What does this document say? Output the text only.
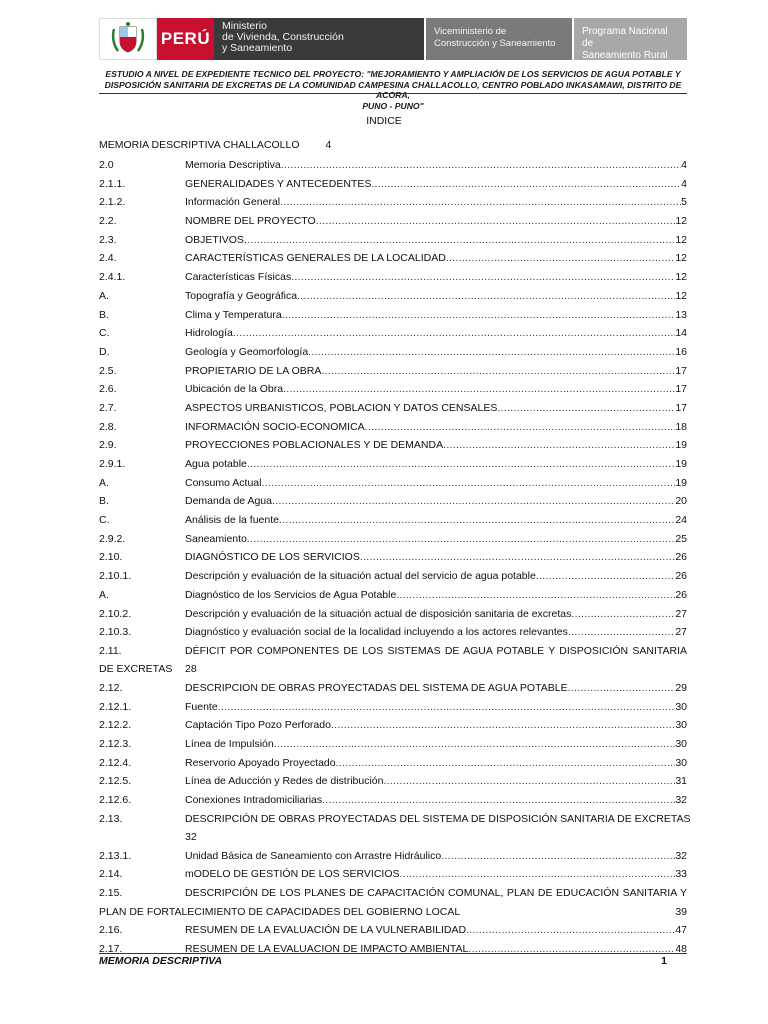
PERÚ
Ministerio
de Vivienda, Construcción
y Saneamiento
Viceministerio de
Construcción y Saneamiento
Programa Nacional de
Saneamiento Rural
ESTUDIO A NIVEL DE EXPEDIENTE TECNICO DEL PROYECTO: "MEJORAMIENTO Y AMPLIACIÓN DE LOS SERVICIOS DE AGUA POTABLE Y
DISPOSICIÓN SANITARIA DE EXCRETAS DE LA COMUNIDAD CAMPESINA CHALLACOLLO, CENTRO POBLADO INKASAMAWI, DISTRITO DE ACORA,
PUNO - PUNO"
INDICE
MEMORIA DESCRIPTIVA CHALLACOLLO 4
2.0	Memoria Descriptiva .....	4
2.1.1.	GENERALIDADES Y ANTECEDENTES .....	4
2.1.2.	Información General .....	5
2.2.	NOMBRE DEL PROYECTO .....	12
2.3.	OBJETIVOS .....	12
2.4.	CARACTERÍSTICAS GENERALES DE LA LOCALIDAD .....	12
2.4.1.	Características Físicas .....	12
A.	Topografía y Geográfica .....	12
B.	Clima y Temperatura .....	13
C.	Hidrología .....	14
D.	Geología y Geomorfología .....	16
2.5.	PROPIETARIO DE LA OBRA .....	17
2.6.	Ubicación de la Obra .....	17
2.7.	ASPECTOS URBANISTICOS, POBLACION Y DATOS CENSALES .....	17
2.8.	INFORMACIÓN SOCIO-ECONOMICA .....	18
2.9.	PROYECCIONES POBLACIONALES Y DE DEMANDA .....	19
2.9.1.	Agua potable .....	19
A.	Consumo Actual .....	19
B.	Demanda de Agua .....	20
C.	Análisis de la fuente .....	24
2.9.2.	Saneamiento .....	25
2.10.	DIAGNÓSTICO DE LOS SERVICIOS .....	26
2.10.1.	Descripción y evaluación de la situación actual del servicio de agua potable .....	26
A.	Diagnóstico de los Servicios de Agua Potable .....	26
2.10.2.	Descripción y evaluación de la situación actual de disposición sanitaria de excretas .....	27
2.10.3.	Diagnóstico y evaluación social de la localidad incluyendo a los actores relevantes .....	27
2.11.	DÉFICIT POR COMPONENTES DE LOS SISTEMAS DE AGUA POTABLE Y DISPOSICIÓN SANITARIA
DE EXCRETAS 28
2.12.	DESCRIPCION DE OBRAS PROYECTADAS DEL SISTEMA DE AGUA POTABLE .....	29
2.12.1.	Fuente .....	30
2.12.2.	Captación Tipo Pozo Perforado .....	30
2.12.3.	Línea de Impulsión .....	30
2.12.4.	Reservorio Apoyado Proyectado .....	30
2.12.5.	Línea de Aducción y Redes de distribución .....	31
2.12.6.	Conexiones Intradomiciliarias .....	32
2.13.	DESCRIPCIÓN DE OBRAS PROYECTADAS DEL SISTEMA DE DISPOSICIÓN SANITARIA DE EXCRETAS
32
2.13.1.	Unidad Básica de Saneamiento con Arrastre Hidráulico .....	32
2.14.	mODELO DE GESTIÓN DE LOS SERVICIOS .....	33
2.15.	DESCRIPCIÓN DE LOS PLANES DE CAPACITACIÓN COMUNAL, PLAN DE EDUCACIÓN SANITARIA Y
PLAN DE FORTALECIMIENTO DE CAPACIDADES DEL GOBIERNO LOCAL	39
2.16.	RESUMEN DE LA EVALUACIÓN DE LA VULNERABILIDAD .....	47
2.17.	RESUMEN DE LA EVALUACION DE IMPACTO AMBIENTAL .....	48
MEMORIA DESCRIPTIVA	1
